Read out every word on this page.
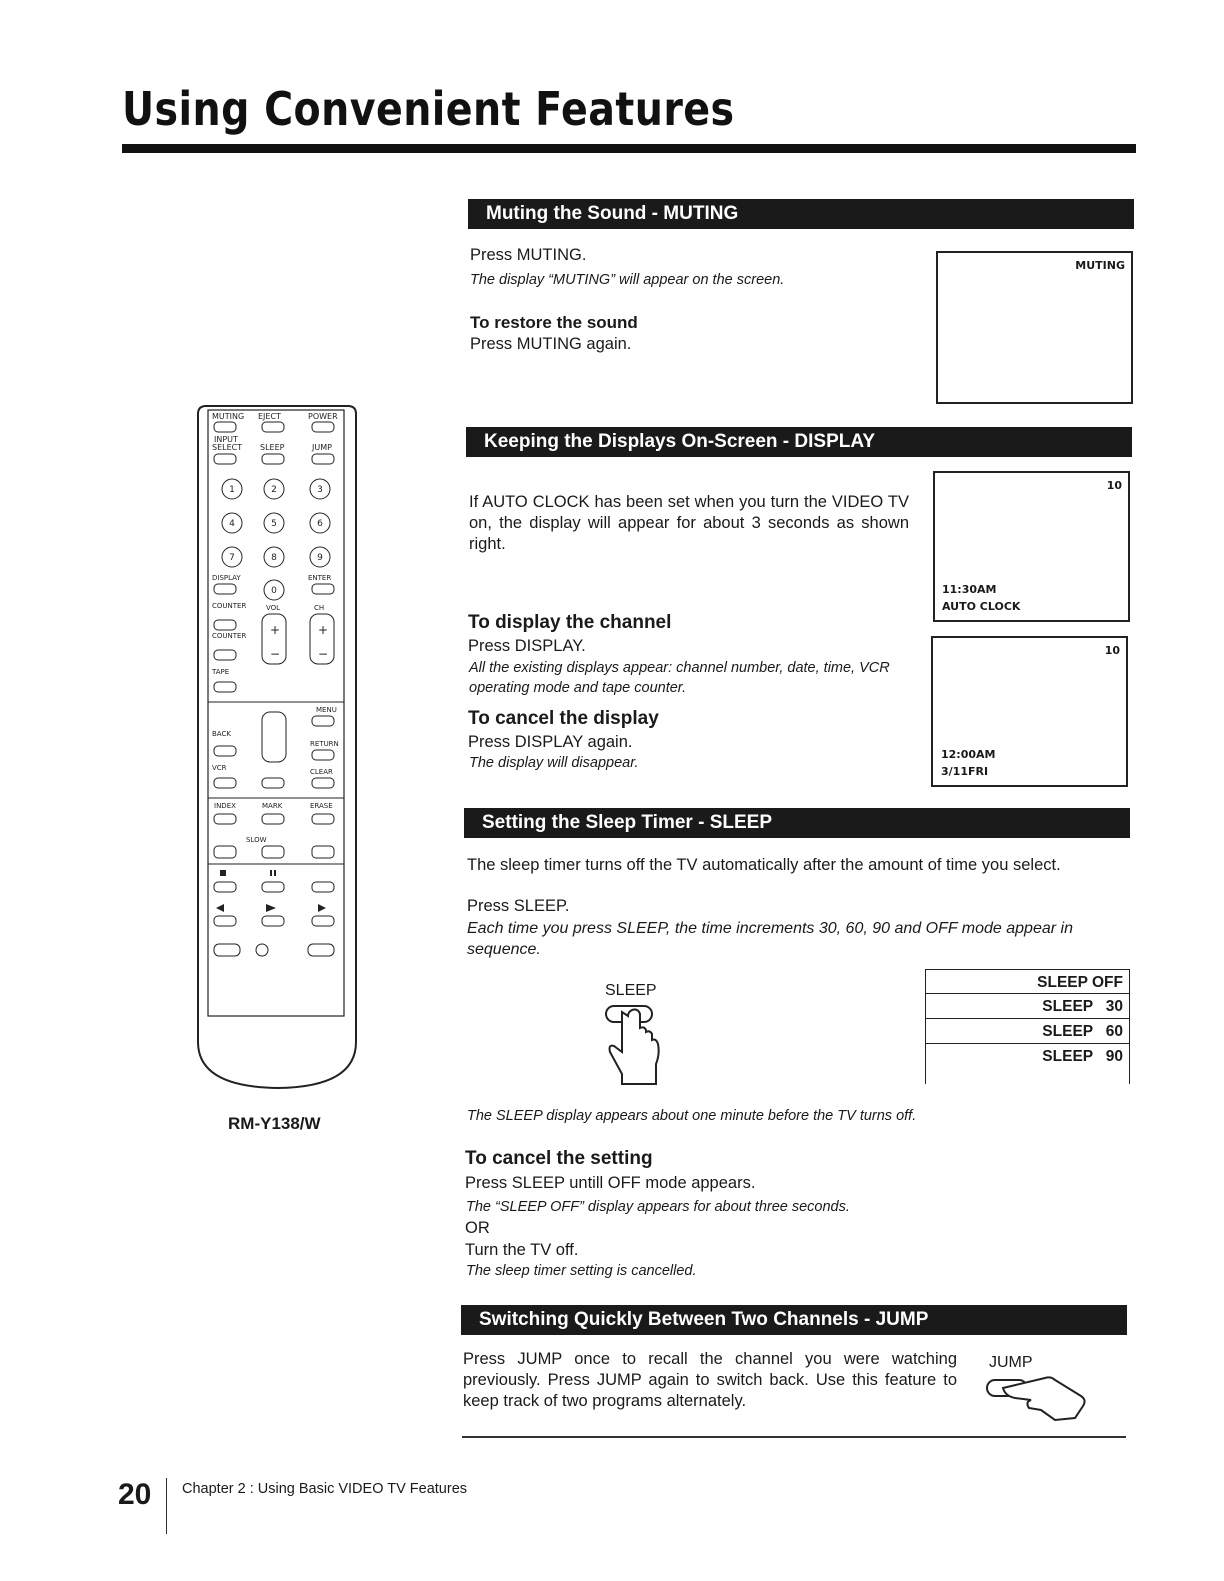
Using Convenient Features
MUTING EJECT	POWER
INPUT
SELECT SLEEP	JUMP
1	2	3
4	5	6
7	8	9
0
DISPLAY	ENTER
COUNTER	VOL	CH
+	+
−	−
COUNTER
TAPE
MENU
BACK
RETURN
VCR	CLEAR
INDEX	MARK	ERASE
SLOW
RM-Y138/W
Muting the Sound - MUTING
Press MUTING.
The display “MUTING” will appear on the screen.
To restore the sound
Press MUTING again.
MUTING
Keeping the Displays On-Screen - DISPLAY
If AUTO CLOCK has been set when you turn the VIDEO TV on, the display will appear for about 3 seconds as shown right.
To display the channel
Press DISPLAY.
All the existing displays appear: channel number, date, time, VCR operating mode and tape counter.
To cancel the display
Press DISPLAY again.
The display will disappear.
10
11:30AM
AUTO CLOCK
10
12:00AM
3/11FRI
Setting the Sleep Timer - SLEEP
The sleep timer turns off the TV automatically after the amount of time you select.
Press SLEEP.
Each time you press SLEEP, the time increments 30, 60, 90 and OFF mode appear in sequence.
SLEEP	SLEEP OFF
SLEEP   30
SLEEP   60
SLEEP   90
The SLEEP display appears about one minute before the TV turns off.
To cancel the setting
Press SLEEP untill OFF mode appears.
The “SLEEP OFF” display appears for about three seconds.
OR
Turn the TV off.
The sleep timer setting is cancelled.
Switching Quickly Between Two Channels - JUMP
Press JUMP once to recall the channel you were watching previously. Press JUMP again to switch back. Use this feature to keep track of two programs alternately.
JUMP
20 Chapter 2 : Using Basic VIDEO TV Features
